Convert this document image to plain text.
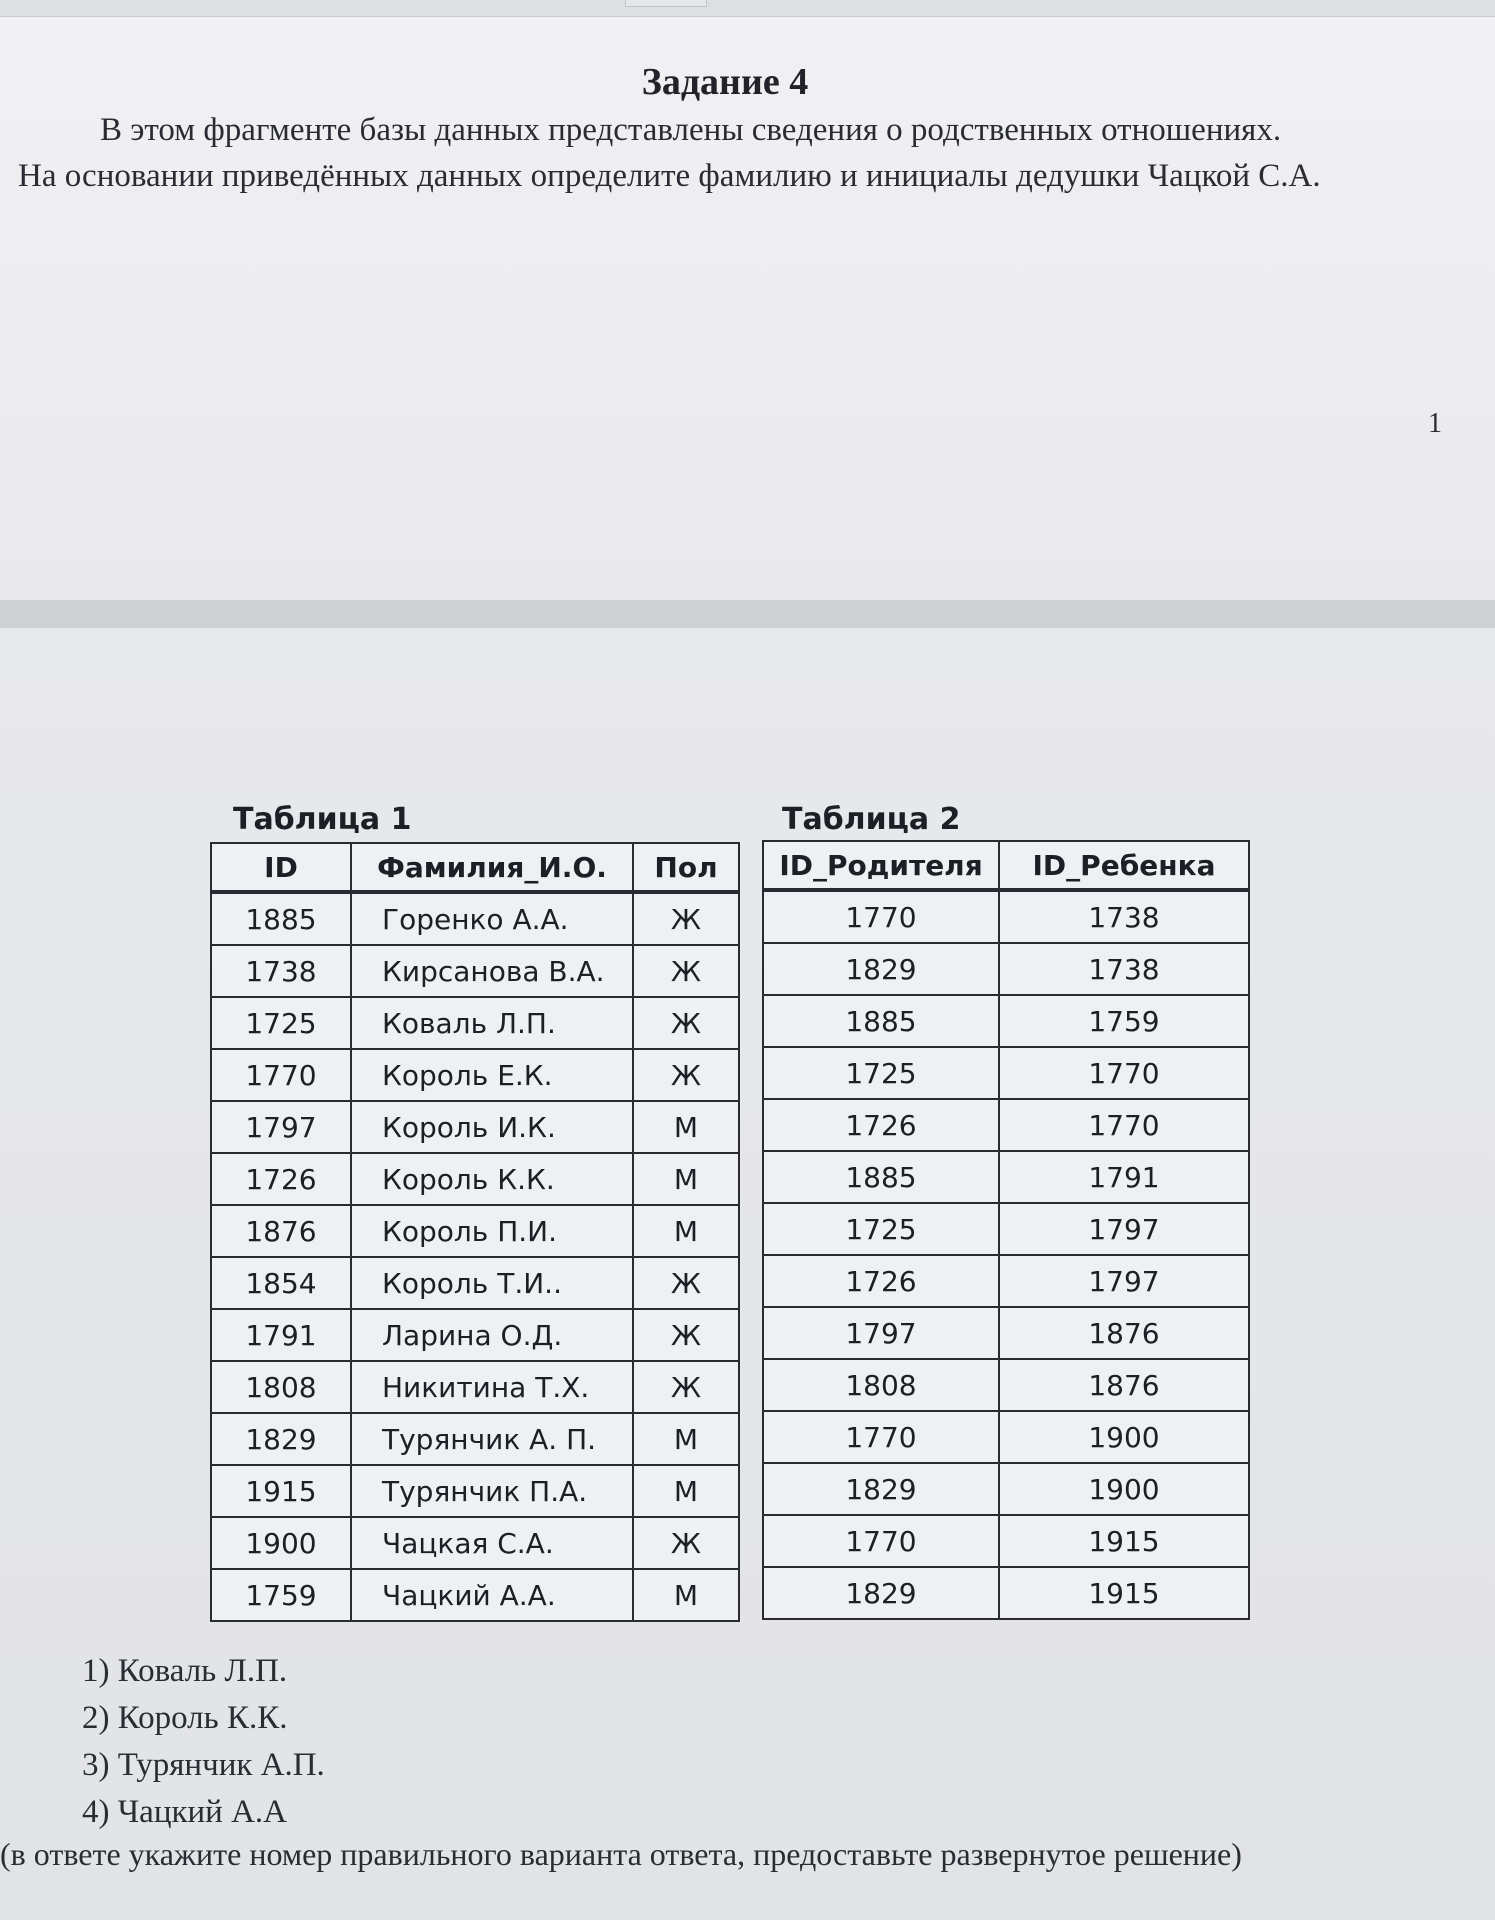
Задание 4
В этом фрагменте базы данных представлены сведения о родственных отношениях.
На основании приведённых данных определите фамилию и инициалы дедушки Чацкой С.А.
1
Таблица 1	Таблица 2
ID	Фамилия_И.О.	Пол
1885	Горенко А.А.	Ж
1738	Кирсанова В.А.	Ж
1725	Коваль Л.П.	Ж
1770	Король Е.К.	Ж
1797	Король И.К.	М
1726	Король К.К.	М
1876	Король П.И.	М
1854	Король Т.И..	Ж
1791	Ларина О.Д.	Ж
1808	Никитина Т.Х.	Ж
1829	Турянчик А. П.	М
1915	Турянчик П.А.	М
1900	Чацкая С.А.	Ж
1759	Чацкий А.А.	М
ID_Родителя	ID_Ребенка
1770	1738
1829	1738
1885	1759
1725	1770
1726	1770
1885	1791
1725	1797
1726	1797
1797	1876
1808	1876
1770	1900
1829	1900
1770	1915
1829	1915
1) Коваль Л.П.
2) Король К.К.
3) Турянчик А.П.
4) Чацкий А.А
(в ответе укажите номер правильного варианта ответа, предоставьте развернутое решение)
